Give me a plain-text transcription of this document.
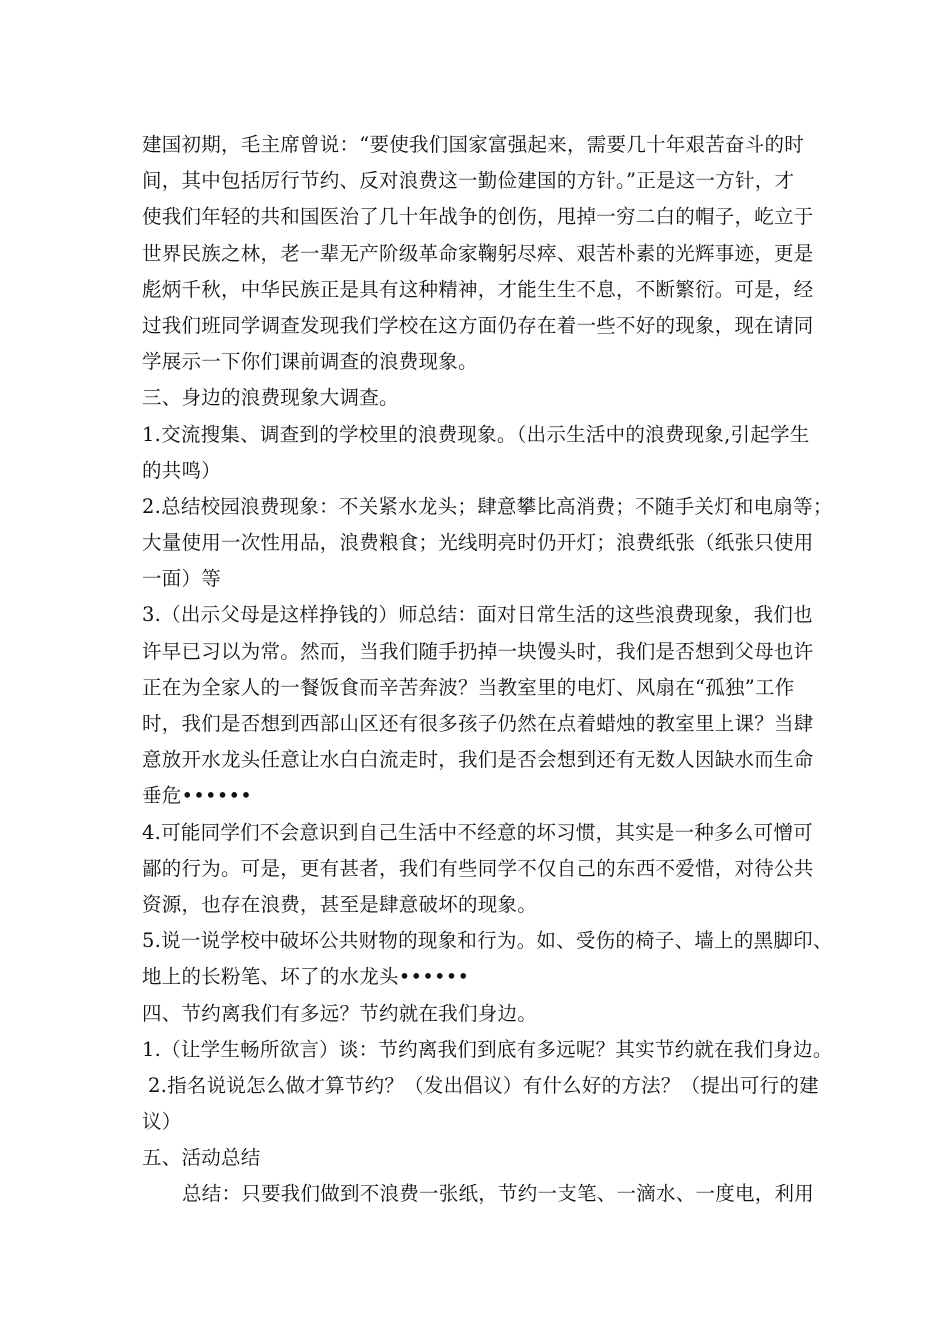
建国初期，毛主席曾说：“要使我们国家富强起来，需要几十年艰苦奋斗的时
间，其中包括厉行节约、反对浪费这一勤俭建国的方针。”正是这一方针，才
使我们年轻的共和国医治了几十年战争的创伤，甩掉一穷二白的帽子，屹立于
世界民族之林，老一辈无产阶级革命家鞠躬尽瘁、艰苦朴素的光辉事迹，更是
彪炳千秋，中华民族正是具有这种精神，才能生生不息，不断繁衍。可是，经
过我们班同学调查发现我们学校在这方面仍存在着一些不好的现象，现在请同
学展示一下你们课前调查的浪费现象。
三、身边的浪费现象大调查。
1.交流搜集、调查到的学校里的浪费现象。（出示生活中的浪费现象,引起学生
的共鸣）
2.总结校园浪费现象：不关紧水龙头；肆意攀比高消费；不随手关灯和电扇等；
大量使用一次性用品，浪费粮食；光线明亮时仍开灯；浪费纸张（纸张只使用
一面）等
3.（出示父母是这样挣钱的）师总结：面对日常生活的这些浪费现象，我们也
许早已习以为常。然而，当我们随手扔掉一块馒头时，我们是否想到父母也许
正在为全家人的一餐饭食而辛苦奔波？当教室里的电灯、风扇在“孤独”工作
时，我们是否想到西部山区还有很多孩子仍然在点着蜡烛的教室里上课？当肆
意放开水龙头任意让水白白流走时，我们是否会想到还有无数人因缺水而生命
垂危••••••
4.可能同学们不会意识到自己生活中不经意的坏习惯，其实是一种多么可憎可
鄙的行为。可是，更有甚者，我们有些同学不仅自己的东西不爱惜，对待公共
资源，也存在浪费，甚至是肆意破坏的现象。
5.说一说学校中破坏公共财物的现象和行为。如、受伤的椅子、墙上的黑脚印、
地上的长粉笔、坏了的水龙头••••••
四、节约离我们有多远？节约就在我们身边。
1.（让学生畅所欲言）谈：节约离我们到底有多远呢？其实节约就在我们身边。
2.指名说说怎么做才算节约？（发出倡议）有什么好的方法？（提出可行的建
议）
五、活动总结
总结：只要我们做到不浪费一张纸，节约一支笔、一滴水、一度电，利用
